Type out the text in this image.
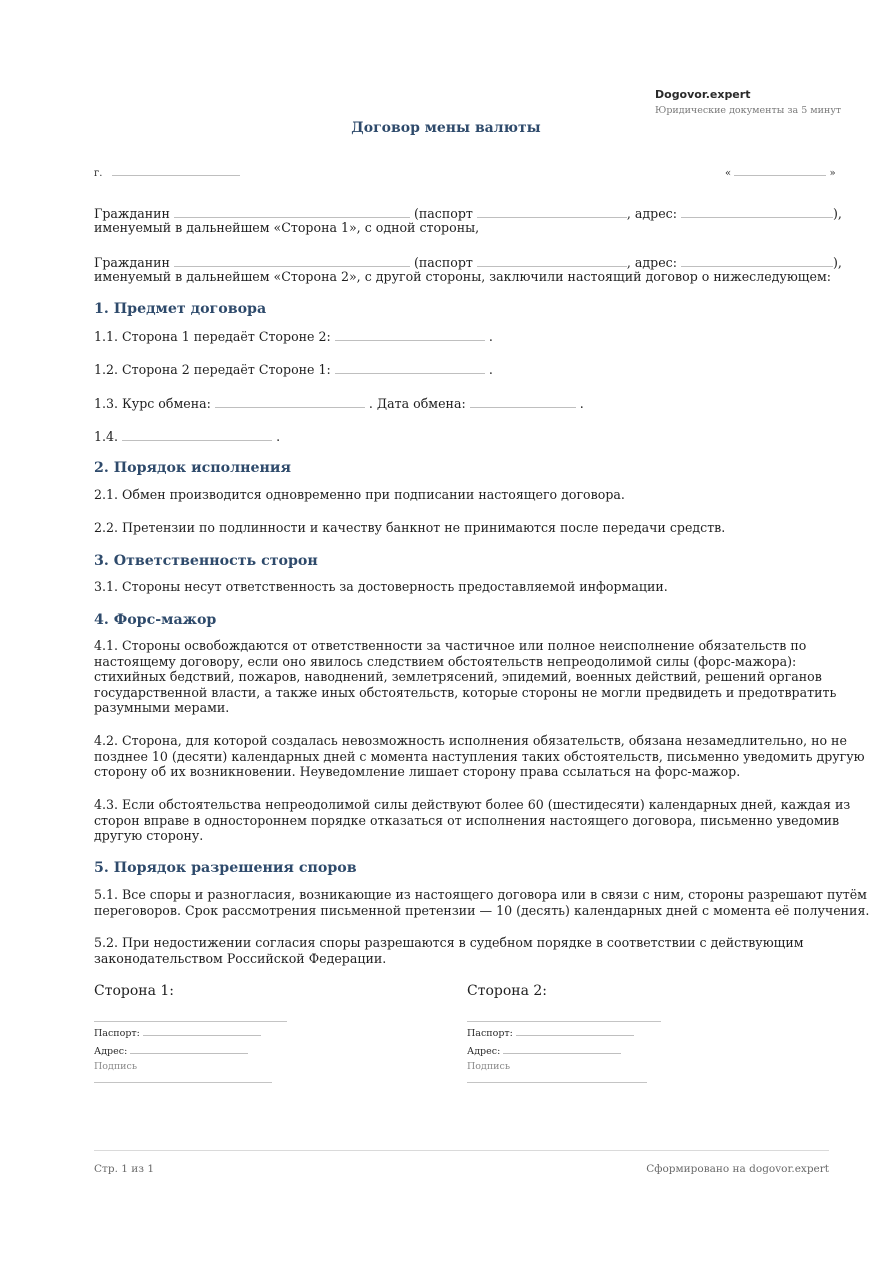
Dogovor.expert
Юридические документы за 5 минут
Договор мены валюты
г.	«	»
Гражданин	(паспорт	, адрес:	),
именуемый в дальнейшем «Сторона 1», с одной стороны,
Гражданин	(паспорт	, адрес:	),
именуемый в дальнейшем «Сторона 2», с другой стороны, заключили настоящий договор о нижеследующем:
1. Предмет договора
1.1. Сторона 1 передаёт Стороне 2:	.
1.2. Сторона 2 передаёт Стороне 1:	.
1.3. Курс обмена:	. Дата обмена:	.
1.4.	.
2. Порядок исполнения
2.1. Обмен производится одновременно при подписании настоящего договора.
2.2. Претензии по подлинности и качеству банкнот не принимаются после передачи средств.
3. Ответственность сторон
3.1. Стороны несут ответственность за достоверность предоставляемой информации.
4. Форс-мажор
4.1. Стороны освобождаются от ответственности за частичное или полное неисполнение обязательств по
настоящему договору, если оно явилось следствием обстоятельств непреодолимой силы (форс-мажора):
стихийных бедствий, пожаров, наводнений, землетрясений, эпидемий, военных действий, решений органов
государственной власти, а также иных обстоятельств, которые стороны не могли предвидеть и предотвратить
разумными мерами.
4.2. Сторона, для которой создалась невозможность исполнения обязательств, обязана незамедлительно, но не
позднее 10 (десяти) календарных дней с момента наступления таких обстоятельств, письменно уведомить другую
сторону об их возникновении. Неуведомление лишает сторону права ссылаться на форс-мажор.
4.3. Если обстоятельства непреодолимой силы действуют более 60 (шестидесяти) календарных дней, каждая из
сторон вправе в одностороннем порядке отказаться от исполнения настоящего договора, письменно уведомив
другую сторону.
5. Порядок разрешения споров
5.1. Все споры и разногласия, возникающие из настоящего договора или в связи с ним, стороны разрешают путём
переговоров. Срок рассмотрения письменной претензии — 10 (десять) календарных дней с момента её получения.
5.2. При недостижении согласия споры разрешаются в судебном порядке в соответствии с действующим
законодательством Российской Федерации.
Сторона 1:
Паспорт:
Адрес:
Подпись
Сторона 2:
Паспорт:
Адрес:
Подпись
Стр. 1 из 1	Сформировано на dogovor.expert
